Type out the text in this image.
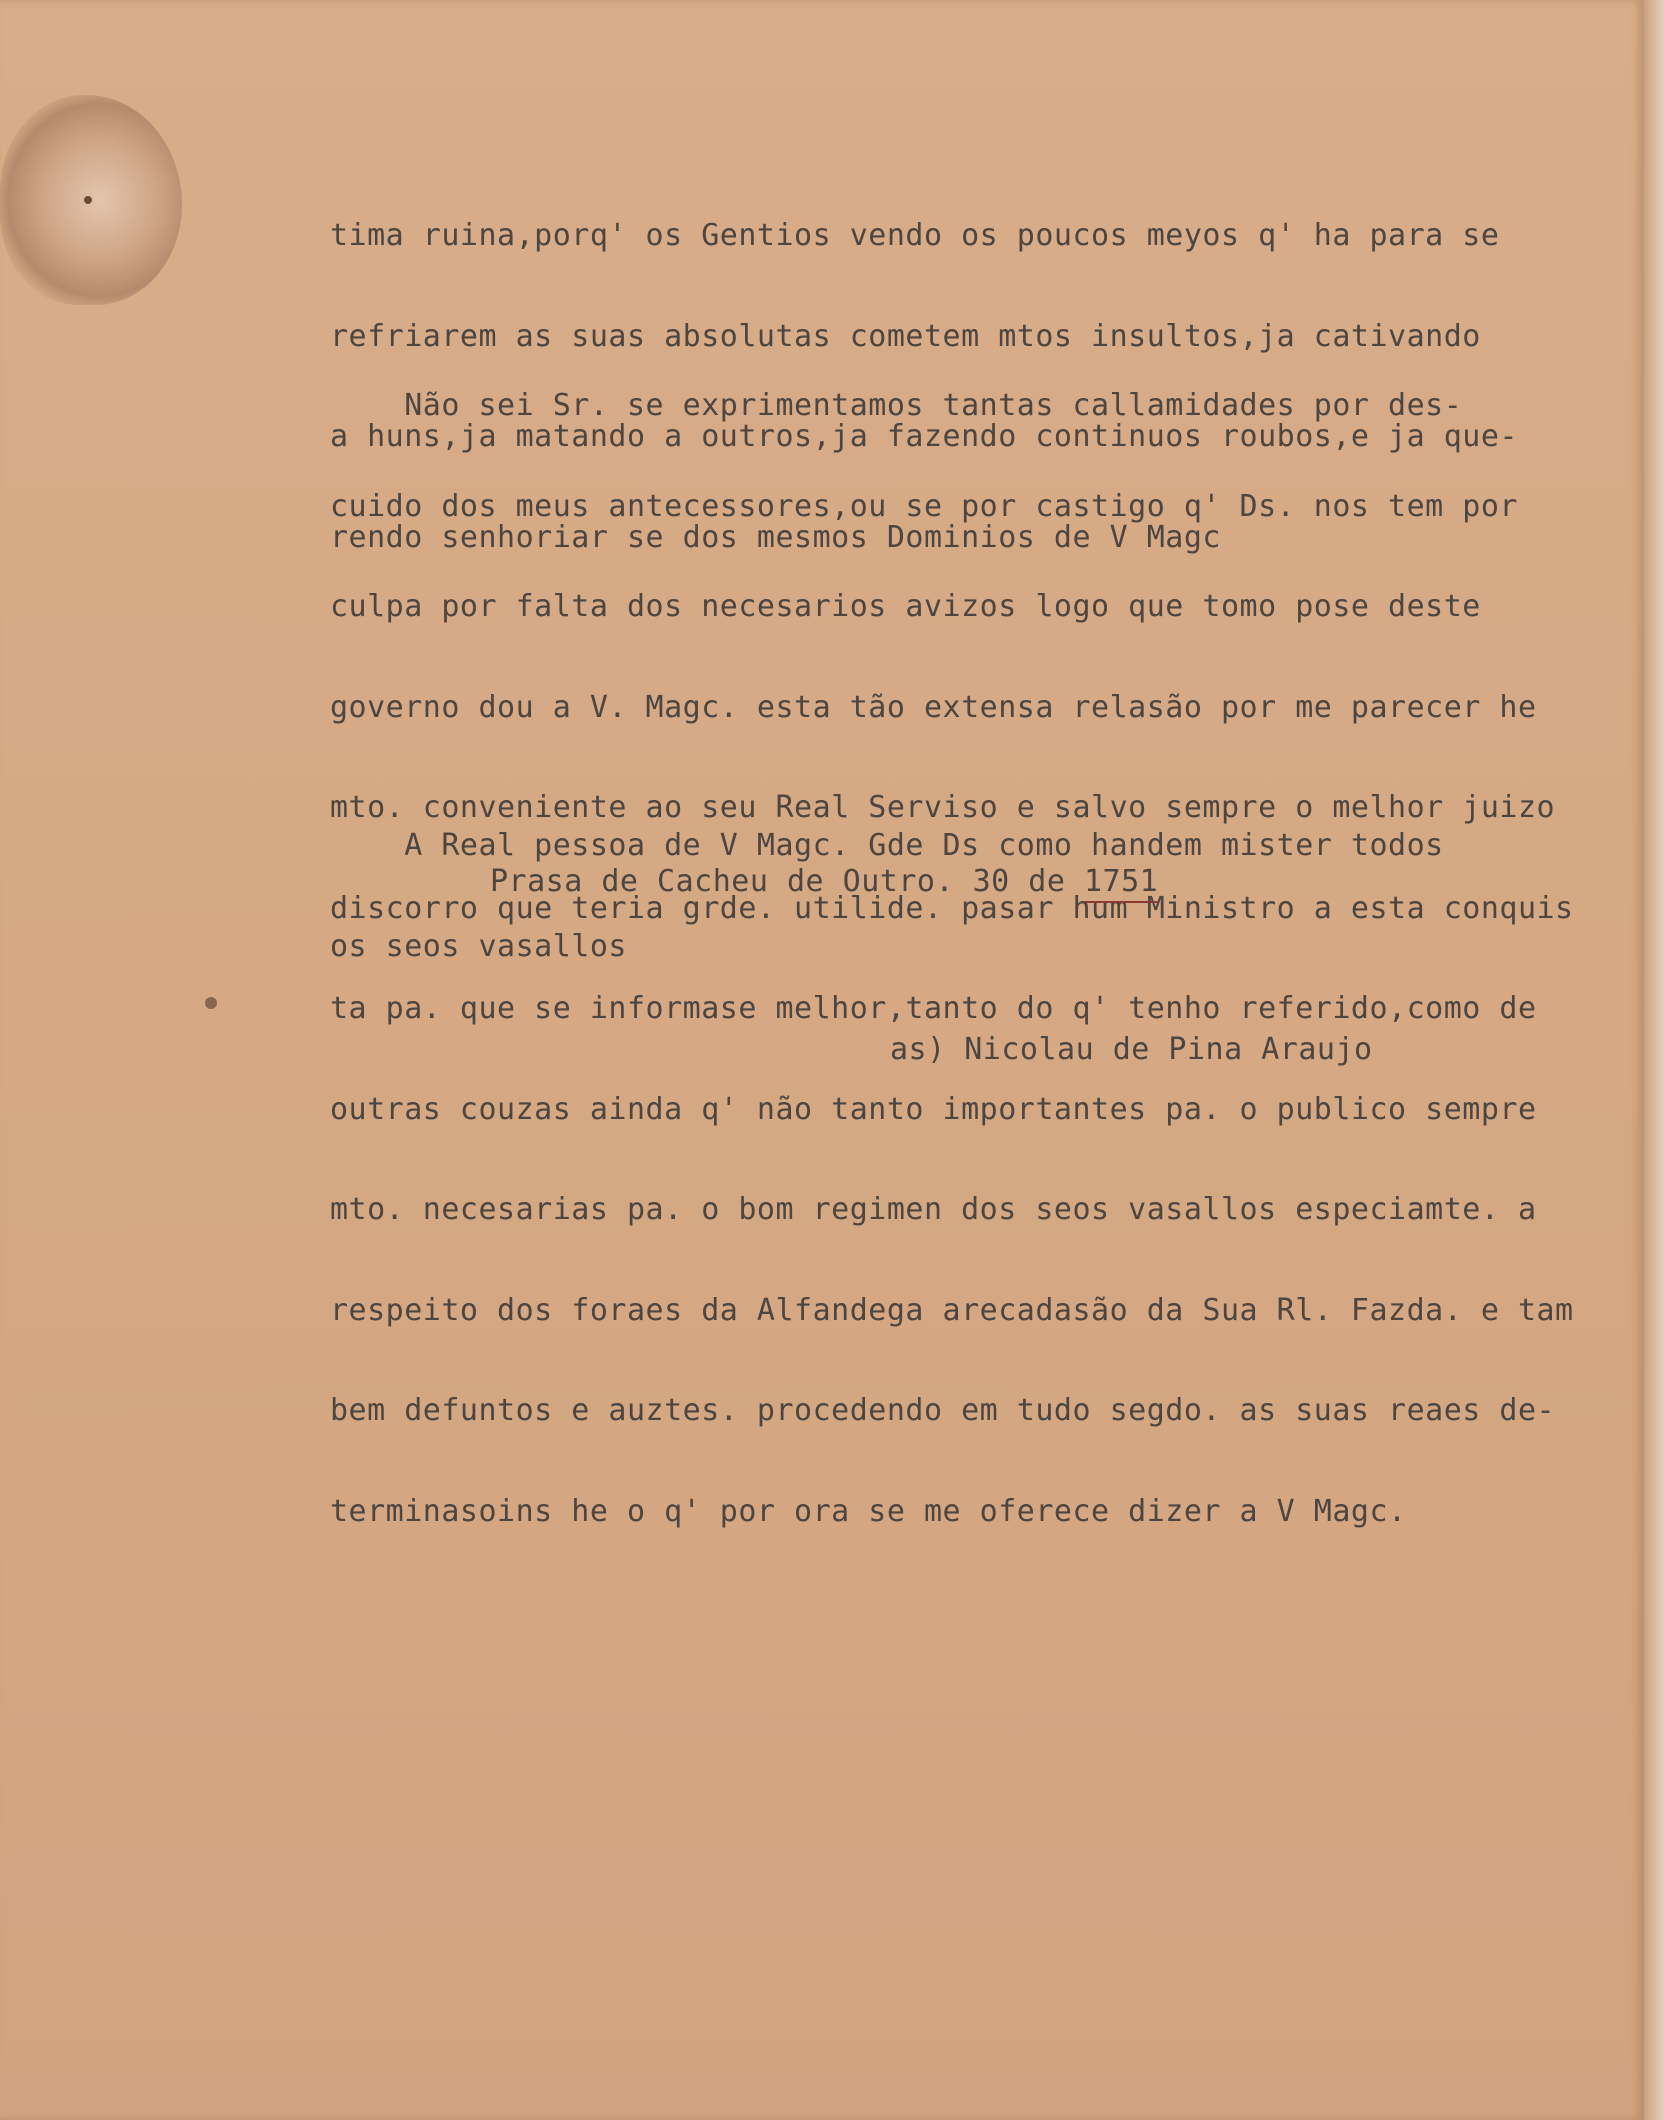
tima ruina,porq' os Gentios vendo os poucos meyos q' ha para se

refriarem as suas absolutas cometem mtos insultos,ja cativando

a huns,ja matando a outros,ja fazendo continuos roubos,e ja que-

rendo senhoriar se dos mesmos Dominios de V Magc

Não sei Sr. se exprimentamos tantas callamidades por des-

cuido dos meus antecessores,ou se por castigo q' Ds. nos tem por

culpa por falta dos necesarios avizos logo que tomo pose deste

governo dou a V. Magc. esta tão extensa relasão por me parecer he

mto. conveniente ao seu Real Serviso e salvo sempre o melhor juizo

discorro que teria grde. utilide. pasar hum Ministro a esta conquis

ta pa. que se informase melhor,tanto do q' tenho referido,como de

outras couzas ainda q' não tanto importantes pa. o publico sempre

mto. necesarias pa. o bom regimen dos seos vasallos especiamte. a

respeito dos foraes da Alfandega arecadasão da Sua Rl. Fazda. e tam

bem defuntos e auztes. procedendo em tudo segdo. as suas reaes de-

terminasoins he o q' por ora se me oferece dizer a V Magc.

A Real pessoa de V Magc. Gde Ds como handem mister todos

os seos vasallos

Prasa de Cacheu de Outro. 30 de 1751
as) Nicolau de Pina Araujo
